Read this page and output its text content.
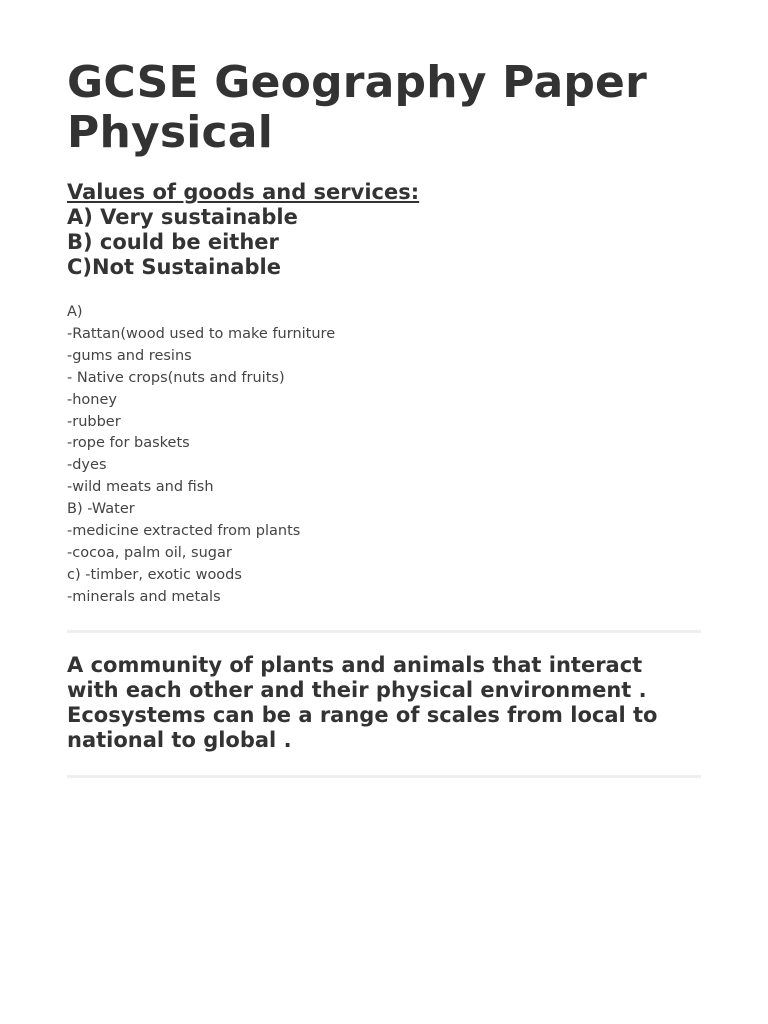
GCSE Geography Paper
Physical
Values of goods and services:
A) Very sustainable
B) could be either
C)Not Sustainable
A)
-Rattan(wood used to make furniture
-gums and resins
- Native crops(nuts and fruits)
-honey
-rubber
-rope for baskets
-dyes
-wild meats and fish
B) -Water
-medicine extracted from plants
-cocoa, palm oil, sugar
c) -timber, exotic woods
-minerals and metals
A community of plants and animals that interact with each other and their physical environment . Ecosystems can be a range of scales from local to national to global .
